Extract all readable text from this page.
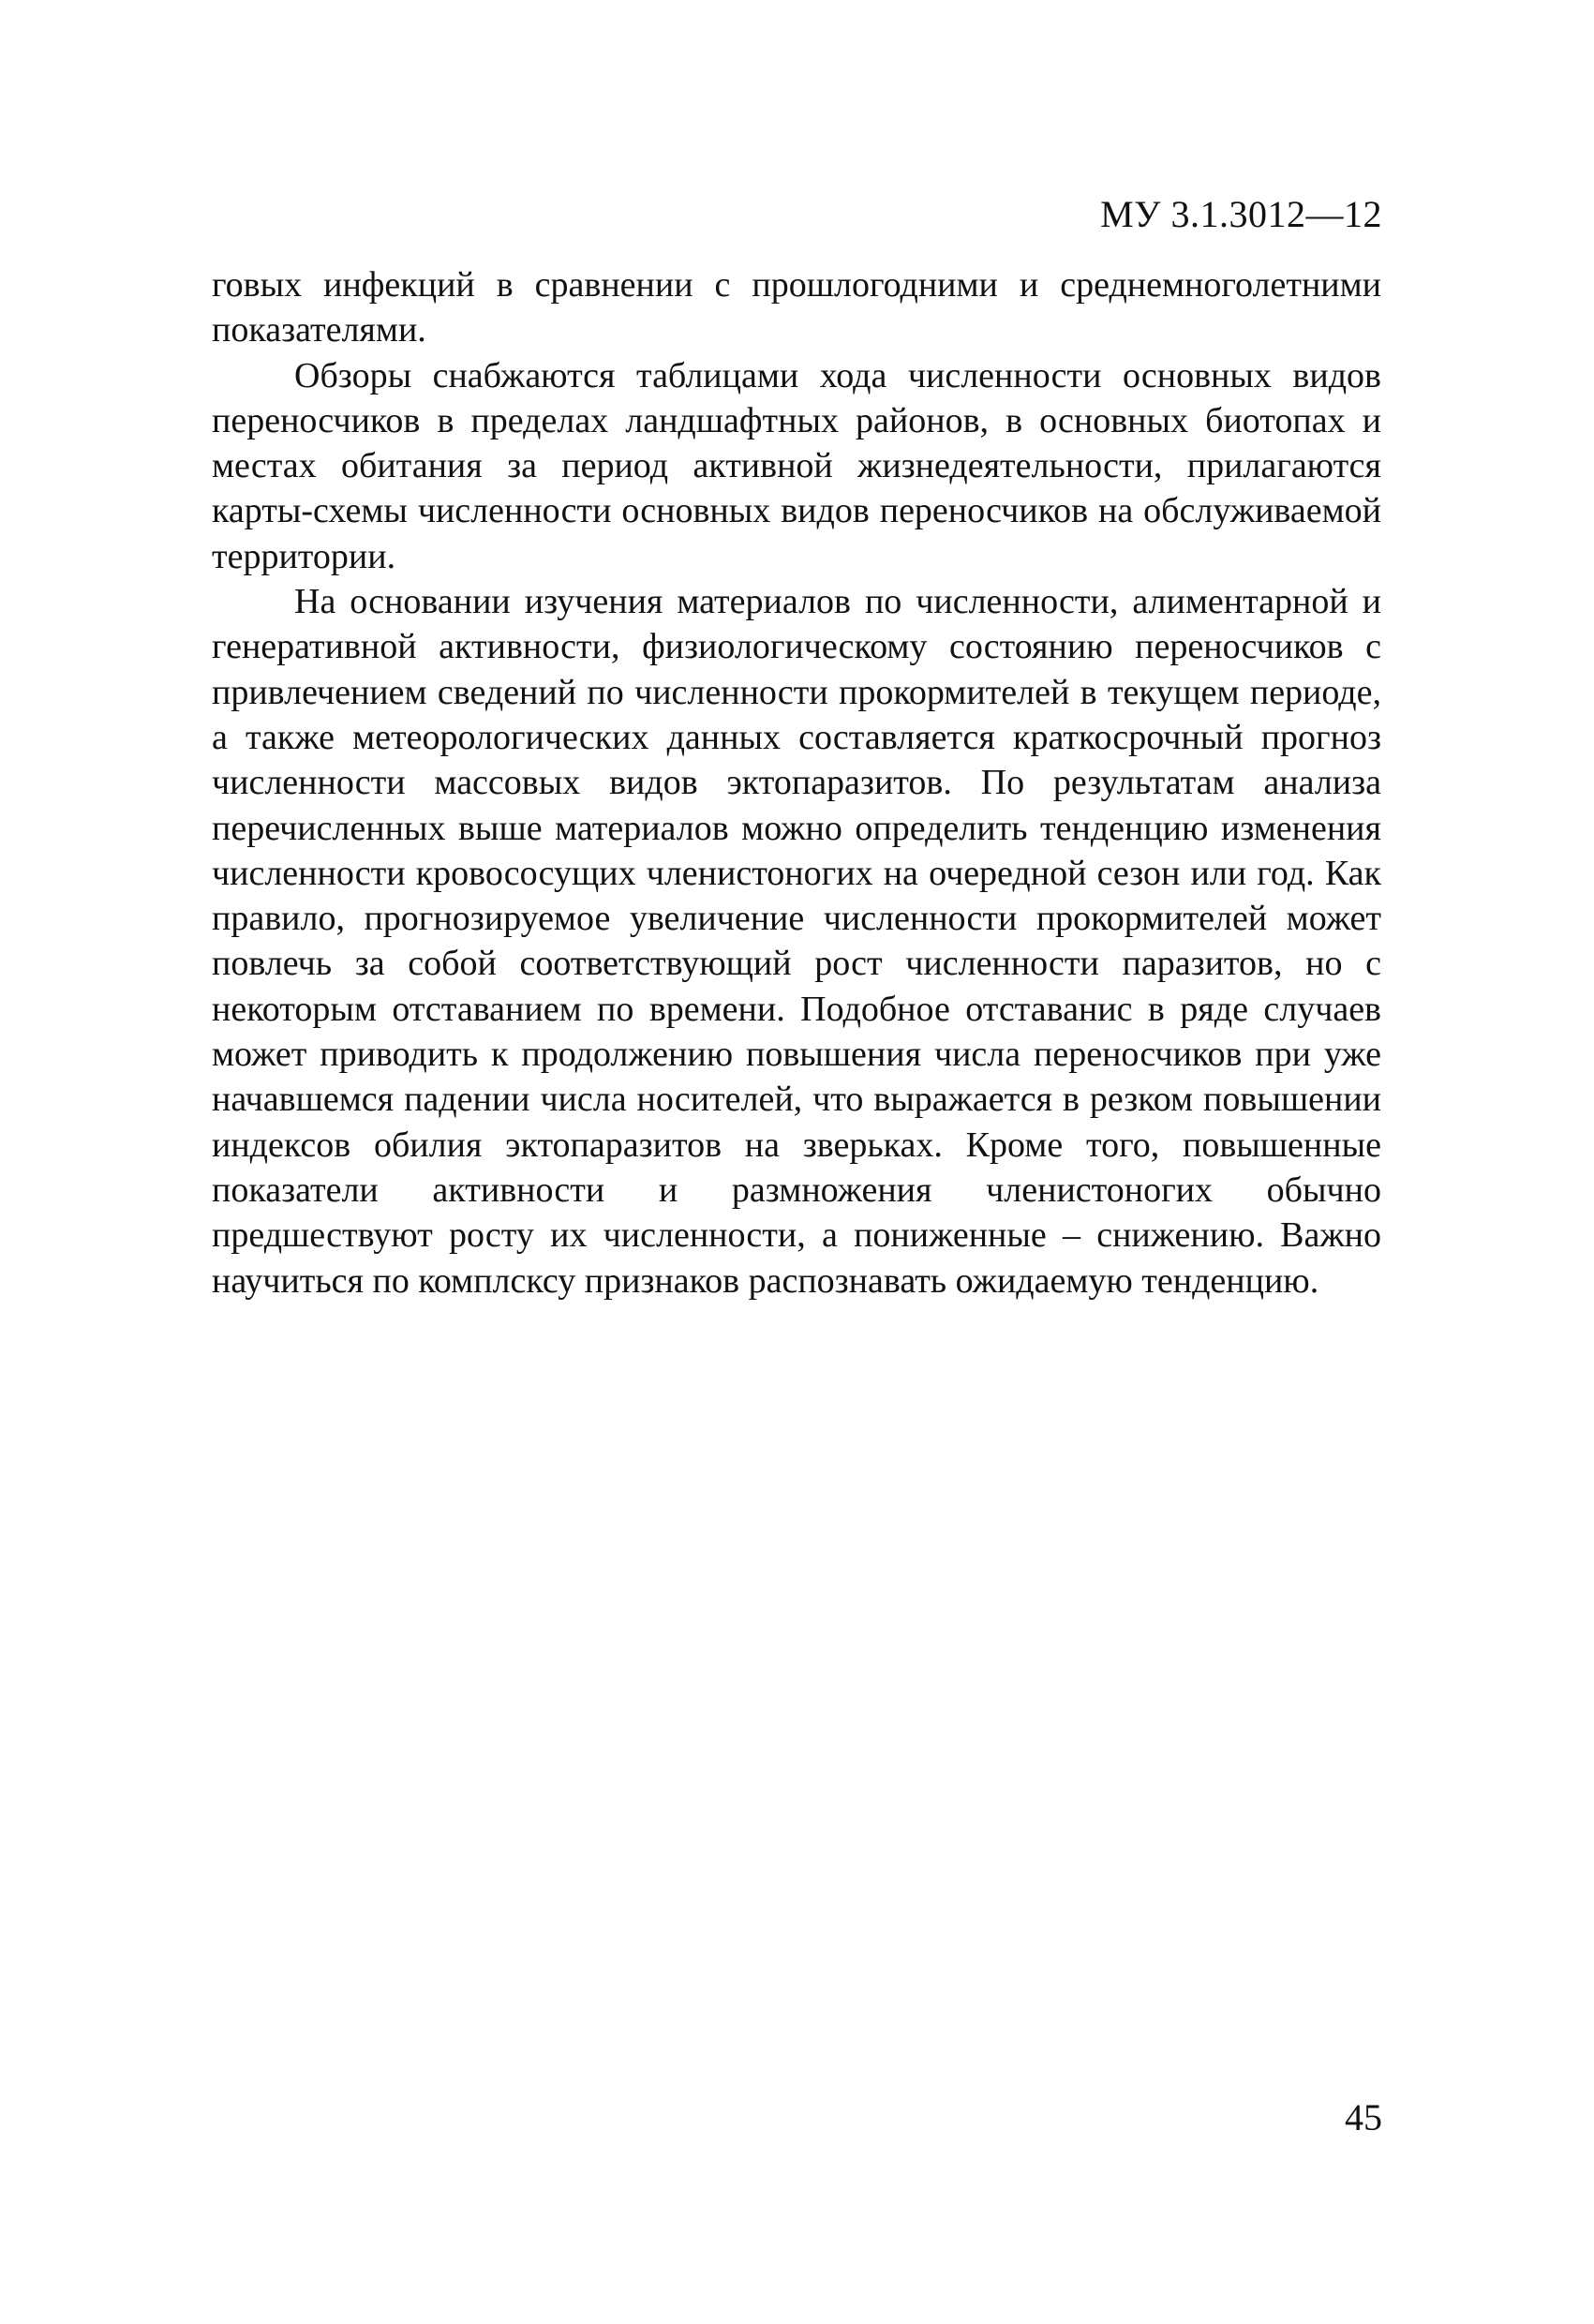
МУ 3.1.3012—12

говых инфекций в сравнении с прошлогодними и среднемноголетними показателями.

Обзоры снабжаются таблицами хода численности основных видов переносчиков в пределах ландшафтных районов, в основных биотопах и местах обитания за период активной жизнедеятельности, прилагаются карты-схемы численности основных видов переносчиков на обслуживаемой территории.

На основании изучения материалов по численности, алиментарной и генеративной активности, физиологическому состоянию переносчиков с привлечением сведений по численности прокормителей в текущем периоде, а также метеорологических данных составляется краткосрочный прогноз численности массовых видов эктопаразитов. По результатам анализа перечисленных выше материалов можно определить тенденцию изменения численности кровососущих членистоногих на очередной сезон или год. Как правило, прогнозируемое увеличение численности прокормителей может повлечь за собой соответствующий рост численности паразитов, но с некоторым отставанием по времени. Подобное отставанис в ряде случаев может приводить к продолжению повышения числа переносчиков при уже начавшемся падении числа носителей, что выражается в резком повышении индексов обилия эктопаразитов на зверьках. Кроме того, повышенные показатели активности и размножения членистоногих обычно предшествуют росту их численности, а пониженные – снижению. Важно научиться по комплсксу признаков распознавать ожидаемую тенденцию.

45
